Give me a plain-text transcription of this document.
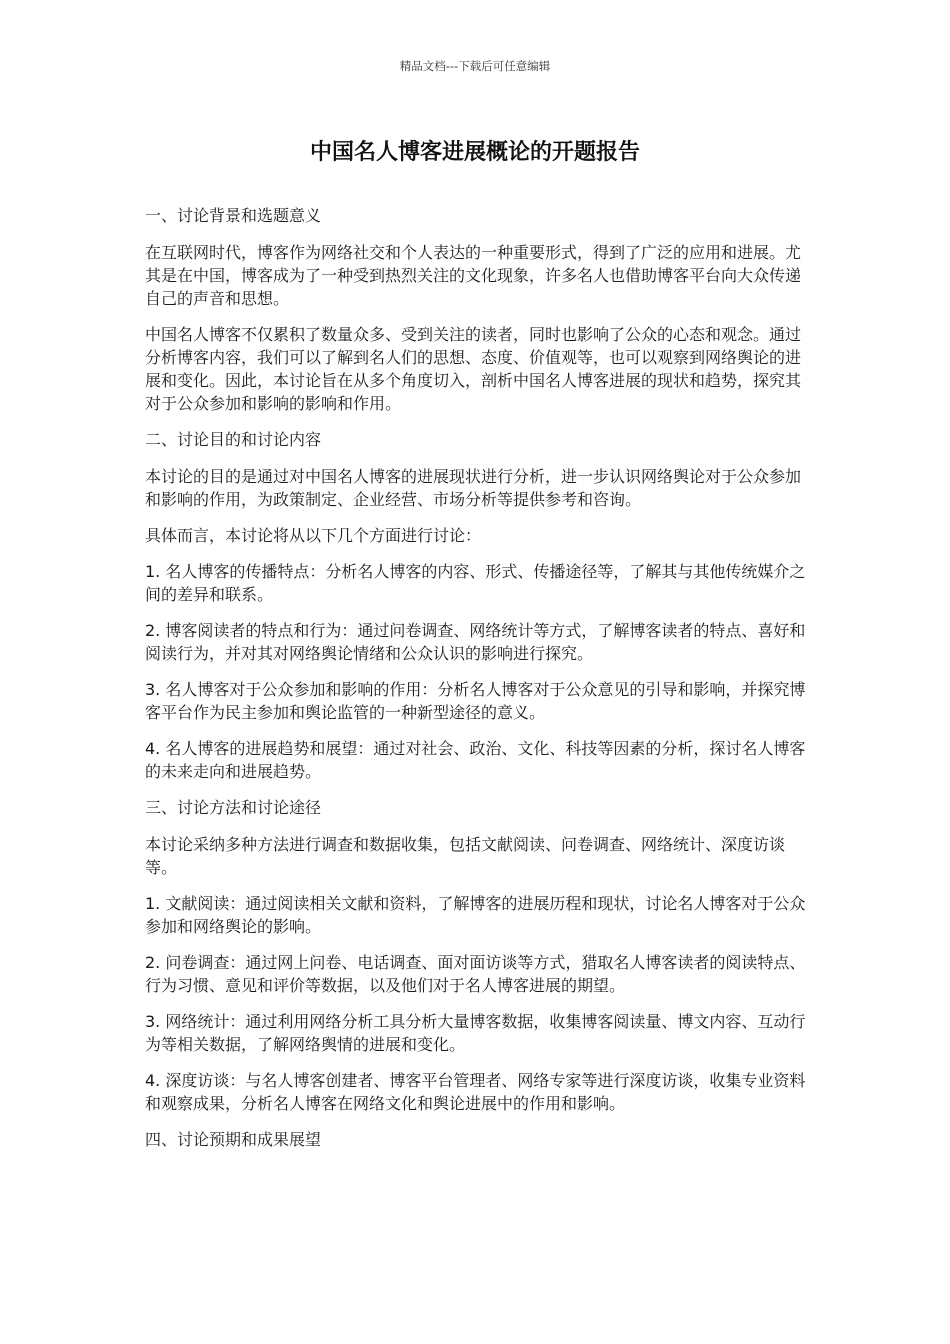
精品文档---下载后可任意编辑
中国名人博客进展概论的开题报告

一、讨论背景和选题意义

在互联网时代，博客作为网络社交和个人表达的一种重要形式，得到了广泛的应用和进展。尤其是在中国，博客成为了一种受到热烈关注的文化现象，许多名人也借助博客平台向大众传递自己的声音和思想。

中国名人博客不仅累积了数量众多、受到关注的读者，同时也影响了公众的心态和观念。通过分析博客内容，我们可以了解到名人们的思想、态度、价值观等，也可以观察到网络舆论的进展和变化。因此，本讨论旨在从多个角度切入，剖析中国名人博客进展的现状和趋势，探究其对于公众参加和影响的影响和作用。

二、讨论目的和讨论内容

本讨论的目的是通过对中国名人博客的进展现状进行分析，进一步认识网络舆论对于公众参加和影响的作用，为政策制定、企业经营、市场分析等提供参考和咨询。

具体而言，本讨论将从以下几个方面进行讨论：

1. 名人博客的传播特点：分析名人博客的内容、形式、传播途径等，了解其与其他传统媒介之间的差异和联系。

2. 博客阅读者的特点和行为：通过问卷调查、网络统计等方式，了解博客读者的特点、喜好和阅读行为，并对其对网络舆论情绪和公众认识的影响进行探究。

3. 名人博客对于公众参加和影响的作用：分析名人博客对于公众意见的引导和影响，并探究博客平台作为民主参加和舆论监管的一种新型途径的意义。

4. 名人博客的进展趋势和展望：通过对社会、政治、文化、科技等因素的分析，探讨名人博客的未来走向和进展趋势。

三、讨论方法和讨论途径

本讨论采纳多种方法进行调查和数据收集，包括文献阅读、问卷调查、网络统计、深度访谈等。

1. 文献阅读：通过阅读相关文献和资料，了解博客的进展历程和现状，讨论名人博客对于公众参加和网络舆论的影响。

2. 问卷调查：通过网上问卷、电话调查、面对面访谈等方式，猎取名人博客读者的阅读特点、行为习惯、意见和评价等数据，以及他们对于名人博客进展的期望。

3. 网络统计：通过利用网络分析工具分析大量博客数据，收集博客阅读量、博文内容、互动行为等相关数据，了解网络舆情的进展和变化。

4. 深度访谈：与名人博客创建者、博客平台管理者、网络专家等进行深度访谈，收集专业资料和观察成果，分析名人博客在网络文化和舆论进展中的作用和影响。

四、讨论预期和成果展望
